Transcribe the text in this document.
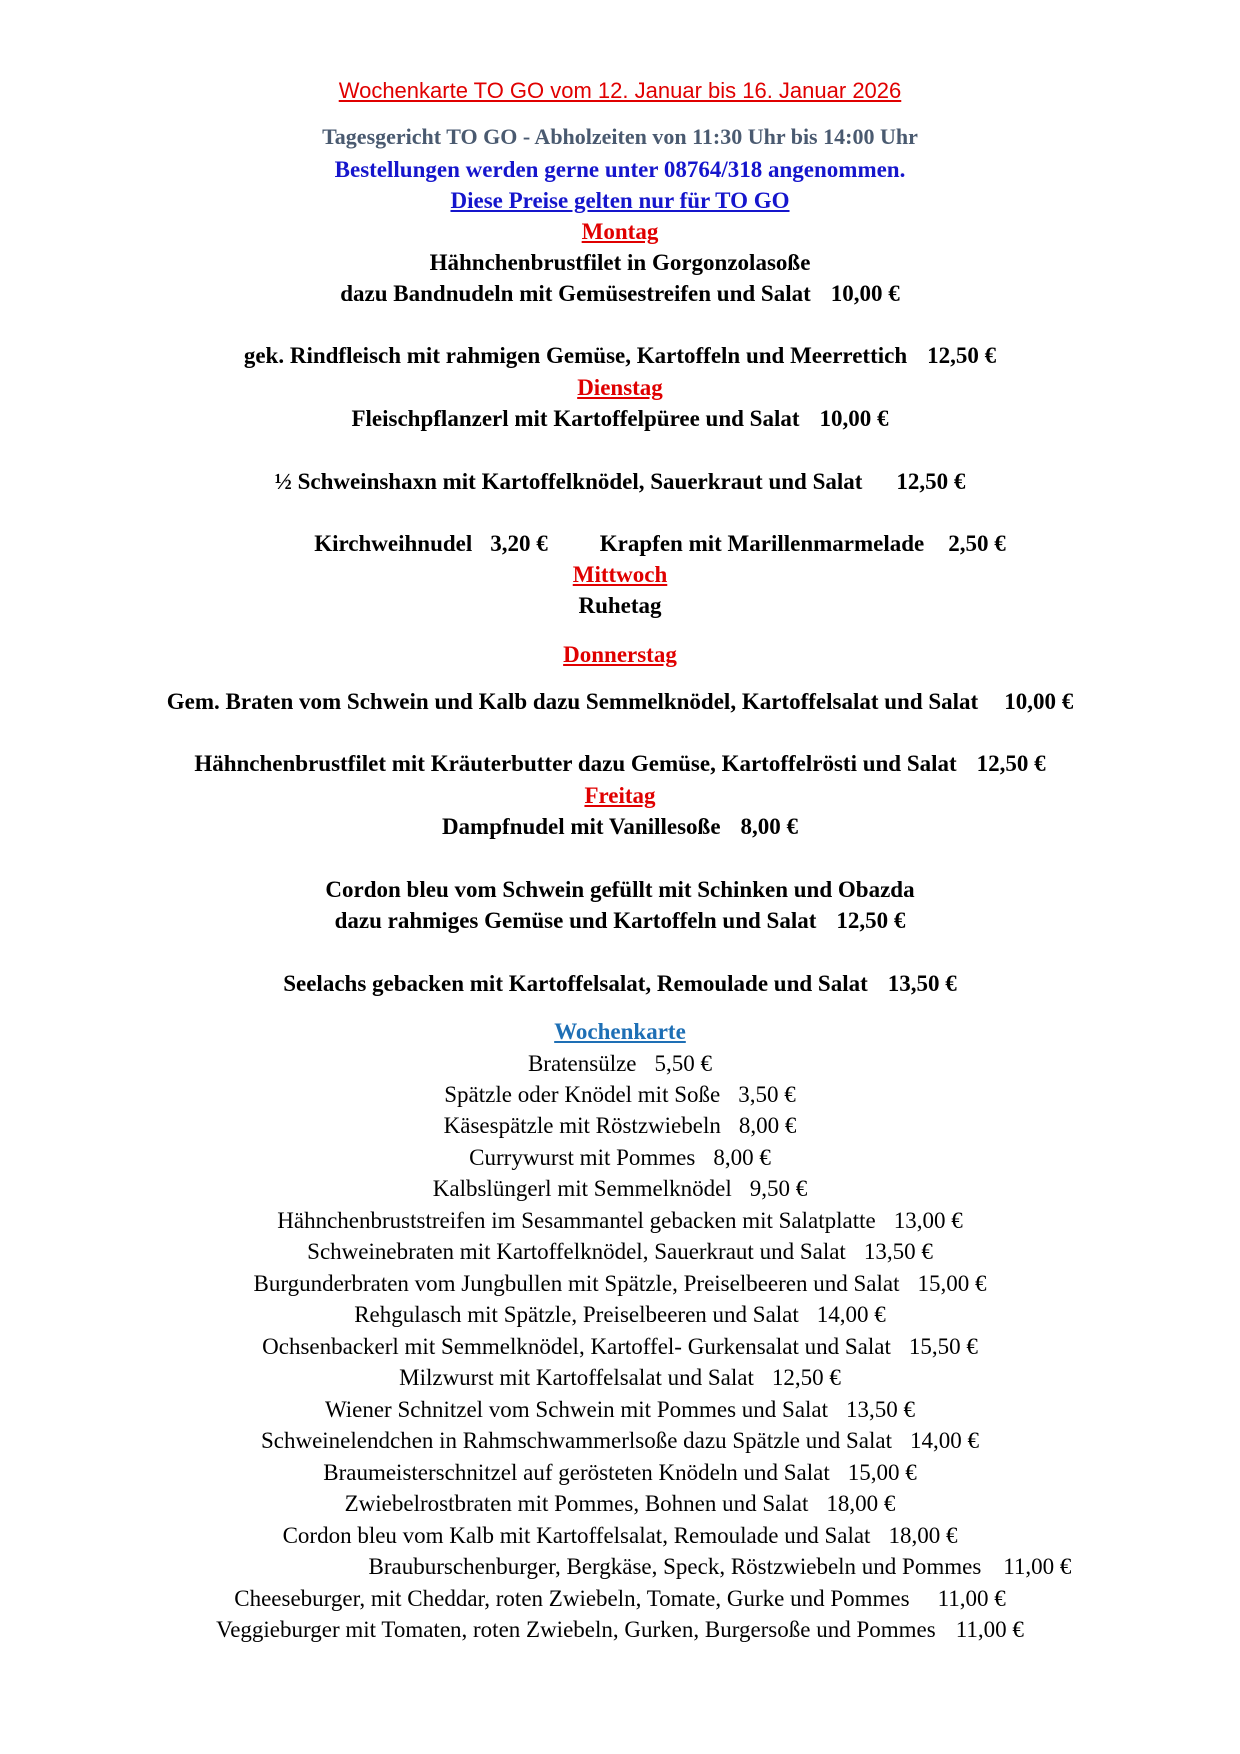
Wochenkarte TO GO vom 12. Januar bis 16. Januar 2026
Tagesgericht TO GO - Abholzeiten von 11:30 Uhr bis 14:00 Uhr
Bestellungen werden gerne unter 08764/318 angenommen.
Diese Preise gelten nur für TO GO
Montag
Hähnchenbrustfilet in Gorgonzolasoße
dazu Bandnudeln mit Gemüsestreifen und Salat 10,00 €
gek. Rindfleisch mit rahmigen Gemüse, Kartoffeln und Meerrettich 12,50 €
Dienstag
Fleischpflanzerl mit Kartoffelpüree und Salat 10,00 €
½ Schweinshaxn mit Kartoffelknödel, Sauerkraut und Salat 12,50 €
Kirchweihnudel 3,20 € Krapfen mit Marillenmarmelade 2,50 €
Mittwoch
Ruhetag
Donnerstag
Gem. Braten vom Schwein und Kalb dazu Semmelknödel, Kartoffelsalat und Salat 10,00 €
Hähnchenbrustfilet mit Kräuterbutter dazu Gemüse, Kartoffelrösti und Salat 12,50 €
Freitag
Dampfnudel mit Vanillesoße 8,00 €
Cordon bleu vom Schwein gefüllt mit Schinken und Obazda
dazu rahmiges Gemüse und Kartoffeln und Salat 12,50 €
Seelachs gebacken mit Kartoffelsalat, Remoulade und Salat 13,50 €
Wochenkarte
Bratensülze 5,50 €
Spätzle oder Knödel mit Soße 3,50 €
Käsespätzle mit Röstzwiebeln 8,00 €
Currywurst mit Pommes 8,00 €
Kalbslüngerl mit Semmelknödel 9,50 €
Hähnchenbruststreifen im Sesammantel gebacken mit Salatplatte 13,00 €
Schweinebraten mit Kartoffelknödel, Sauerkraut und Salat 13,50 €
Burgunderbraten vom Jungbullen mit Spätzle, Preiselbeeren und Salat 15,00 €
Rehgulasch mit Spätzle, Preiselbeeren und Salat 14,00 €
Ochsenbackerl mit Semmelknödel, Kartoffel- Gurkensalat und Salat 15,50 €
Milzwurst mit Kartoffelsalat und Salat 12,50 €
Wiener Schnitzel vom Schwein mit Pommes und Salat 13,50 €
Schweinelendchen in Rahmschwammerlsoße dazu Spätzle und Salat 14,00 €
Braumeisterschnitzel auf gerösteten Knödeln und Salat 15,00 €
Zwiebelrostbraten mit Pommes, Bohnen und Salat 18,00 €
Cordon bleu vom Kalb mit Kartoffelsalat, Remoulade und Salat 18,00 €
Brauburschenburger, Bergkäse, Speck, Röstzwiebeln und Pommes 11,00 €
Cheeseburger, mit Cheddar, roten Zwiebeln, Tomate, Gurke und Pommes 11,00 €
Veggieburger mit Tomaten, roten Zwiebeln, Gurken, Burgersoße und Pommes 11,00 €
